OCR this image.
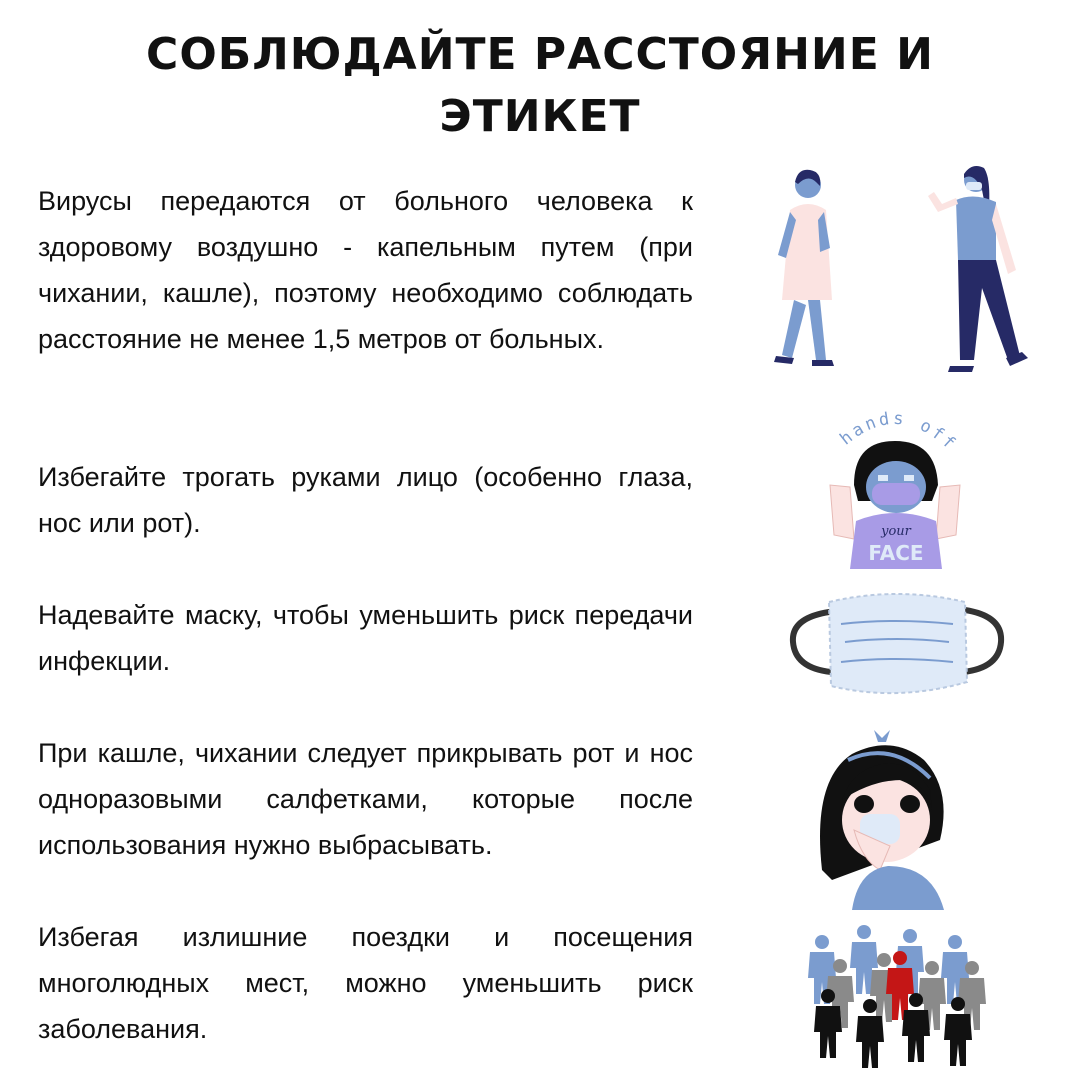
СОБЛЮДАЙТЕ РАССТОЯНИЕ И
ЭТИКЕТ

Вирусы передаются от больного человека к здоровому воздушно - капельным путем (при чихании, кашле), поэтому необходимо соблюдать расстояние не менее 1,5 метров от больных.

Избегайте трогать руками лицо (особенно глаза, нос или рот).

Надевайте маску, чтобы уменьшить риск передачи инфекции.

При кашле, чихании следует прикрывать рот и нос одноразовыми салфетками, которые после использования нужно выбрасывать.

Избегая излишние поездки и посещения многолюдных мест, можно уменьшить риск заболевания.

hands off
your
FACE
